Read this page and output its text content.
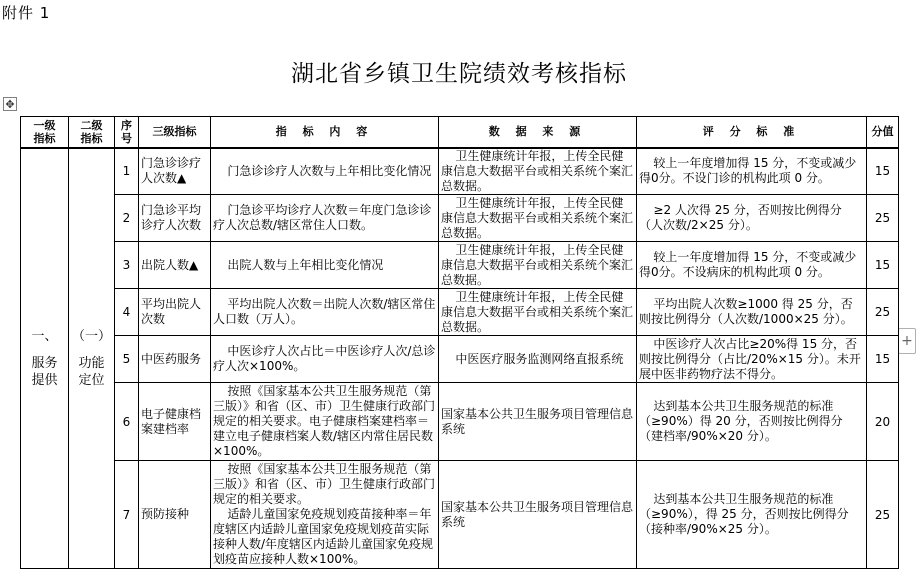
附件 1
湖北省乡镇卫生院绩效考核指标
✥
+
一级
指标	二级
指标	序号	三级指标	指 标 内 容	数 据 来 源	评 分 标 准	分值
一、
服务
提供	（一）
功能
定位	1	门急诊诊疗人次数▲	门急诊诊疗人次数与上年相比变化情况	卫生健康统计年报，上传全民健康信息大数据平台或相关系统个案汇总数据。	较上一年度增加得 15 分，不变或减少得0分。不设门诊的机构此项 0 分。	15
		2	门急诊平均诊疗人次数	门急诊平均诊疗人次数＝年度门急诊诊疗人次总数/辖区常住人口数。	卫生健康统计年报，上传全民健康信息大数据平台或相关系统个案汇总数据。	≥2 人次得 25 分，否则按比例得分（人次数/2×25 分）。	25
		3	出院人数▲	出院人数与上年相比变化情况	卫生健康统计年报，上传全民健康信息大数据平台或相关系统个案汇总数据。	较上一年度增加得 15 分，不变或减少得0分。不设病床的机构此项 0 分。	15
		4	平均出院人次数	平均出院人次数＝出院人次数/辖区常住人口数（万人）。	卫生健康统计年报，上传全民健康信息大数据平台或相关系统个案汇总数据。	平均出院人次数≥1000 得 25 分，否则按比例得分（人次数/1000×25 分）。	25
		5	中医药服务	中医诊疗人次占比＝中医诊疗人次/总诊疗人次×100%。	中医医疗服务监测网络直报系统	中医诊疗人次占比≥20%得 15 分，否则按比例得分（占比/20%×15 分）。未开展中医非药物疗法不得分。	15
		6	电子健康档案建档率	按照《国家基本公共卫生服务规范（第三版）》和省（区、市）卫生健康行政部门规定的相关要求。电子健康档案建档率＝建立电子健康档案人数/辖区内常住居民数×100%。	国家基本公共卫生服务项目管理信息系统	达到基本公共卫生服务规范的标准（≥90%）得 20 分，否则按比例得分（建档率/90%×20 分）。	20
		7	预防接种	按照《国家基本公共卫生服务规范（第三版）》和省（区、市）卫生健康行政部门规定的相关要求。
适龄儿童国家免疫规划疫苗接种率＝年度辖区内适龄儿童国家免疫规划疫苗实际接种人数/年度辖区内适龄儿童国家免疫规划疫苗应接种人数×100%。	国家基本公共卫生服务项目管理信息系统	达到基本公共卫生服务规范的标准（≥90%），得 25 分，否则按比例得分（接种率/90%×25 分）。	25
